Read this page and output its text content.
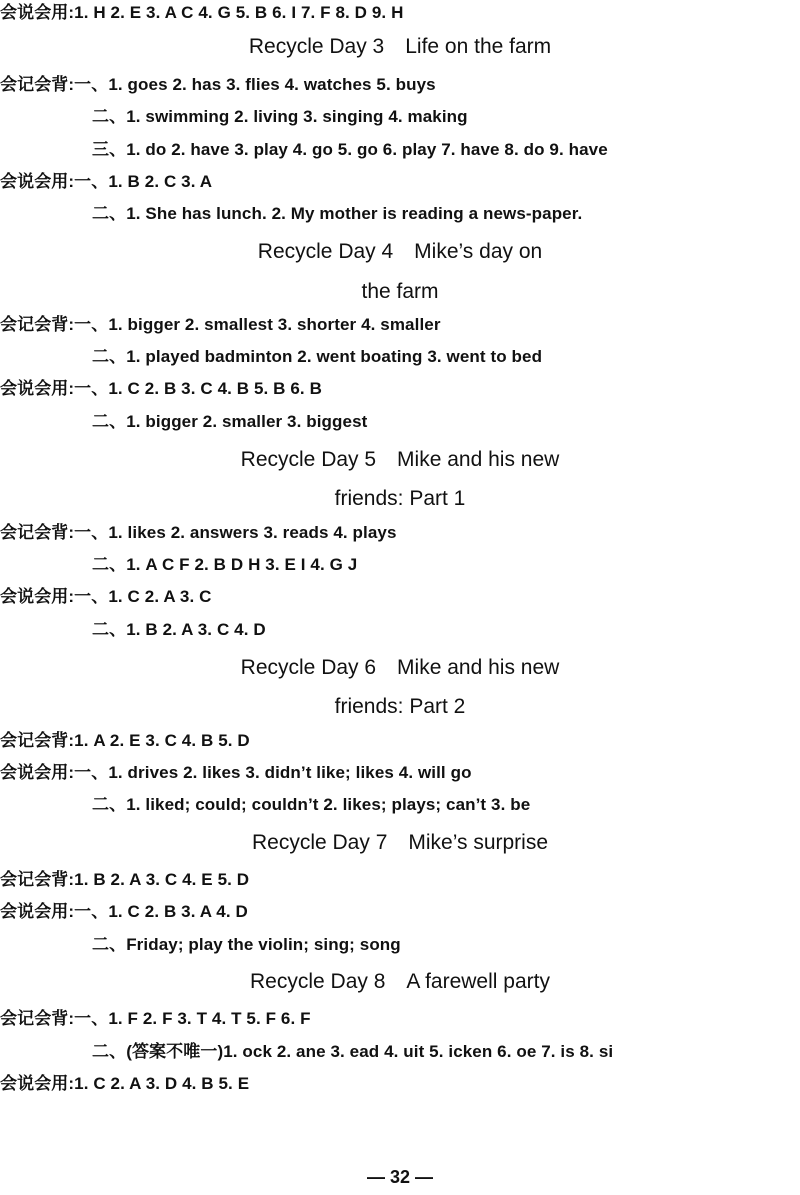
会说会用:1. H 2. E 3. A C 4. G 5. B 6. I 7. F 8. D 9. H
Recycle Day 3　Life on the farm
会记会背:一、1. goes 2. has 3. flies 4. watches 5. buys
二、1. swimming 2. living 3. singing 4. making
三、1. do 2. have 3. play 4. go 5. go 6. play 7. have 8. do 9. have
会说会用:一、1. B 2. C 3. A
二、1. She has lunch. 2. My mother is reading a news-paper.
Recycle Day 4　Mike’s day on
the farm
会记会背:一、1. bigger 2. smallest 3. shorter 4. smaller
二、1. played badminton 2. went boating 3. went to bed
会说会用:一、1. C 2. B 3. C 4. B 5. B 6. B
二、1. bigger 2. smaller 3. biggest
Recycle Day 5　Mike and his new
friends: Part 1
会记会背:一、1. likes 2. answers 3. reads 4. plays
二、1. A C F 2. B D H 3. E I 4. G J
会说会用:一、1. C 2. A 3. C
二、1. B 2. A 3. C 4. D
Recycle Day 6　Mike and his new
friends: Part 2
会记会背:1. A 2. E 3. C 4. B 5. D
会说会用:一、1. drives 2. likes 3. didn’t like; likes 4. will go
二、1. liked; could; couldn’t 2. likes; plays; can’t 3. be
Recycle Day 7　Mike’s surprise
会记会背:1. B 2. A 3. C 4. E 5. D
会说会用:一、1. C 2. B 3. A 4. D
二、Friday; play the violin; sing; song
Recycle Day 8　A farewell party
会记会背:一、1. F 2. F 3. T 4. T 5. F 6. F
二、(答案不唯一)1. ock 2. ane 3. ead 4. uit 5. icken 6. oe 7. is 8. si
会说会用:1. C 2. A 3. D 4. B 5. E
— 32 —
